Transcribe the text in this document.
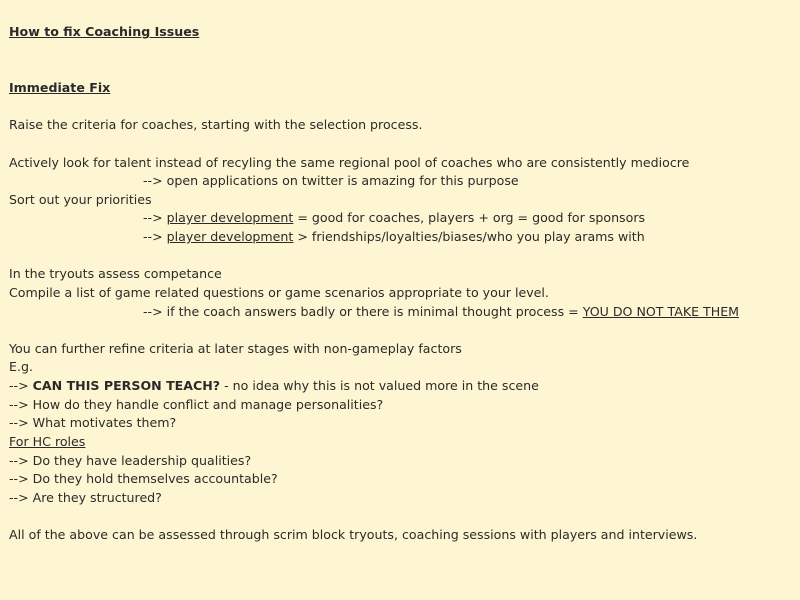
How to fix Coaching Issues
Immediate Fix
Raise the criteria for coaches, starting with the selection process.
Actively look for talent instead of recyling the same regional pool of coaches who are consistently mediocre
--> open applications on twitter is amazing for this purpose
Sort out your priorities
--> player development = good for coaches, players + org = good for sponsors
--> player development > friendships/loyalties/biases/who you play arams with
In the tryouts assess competance
Compile a list of game related questions or game scenarios appropriate to your level.
--> if the coach answers badly or there is minimal thought process = YOU DO NOT TAKE THEM
You can further refine criteria at later stages with non-gameplay factors
E.g.
--> CAN THIS PERSON TEACH? - no idea why this is not valued more in the scene
--> How do they handle conflict and manage personalities?
--> What motivates them?
For HC roles
--> Do they have leadership qualities?
--> Do they hold themselves accountable?
--> Are they structured?
All of the above can be assessed through scrim block tryouts, coaching sessions with players and interviews.
